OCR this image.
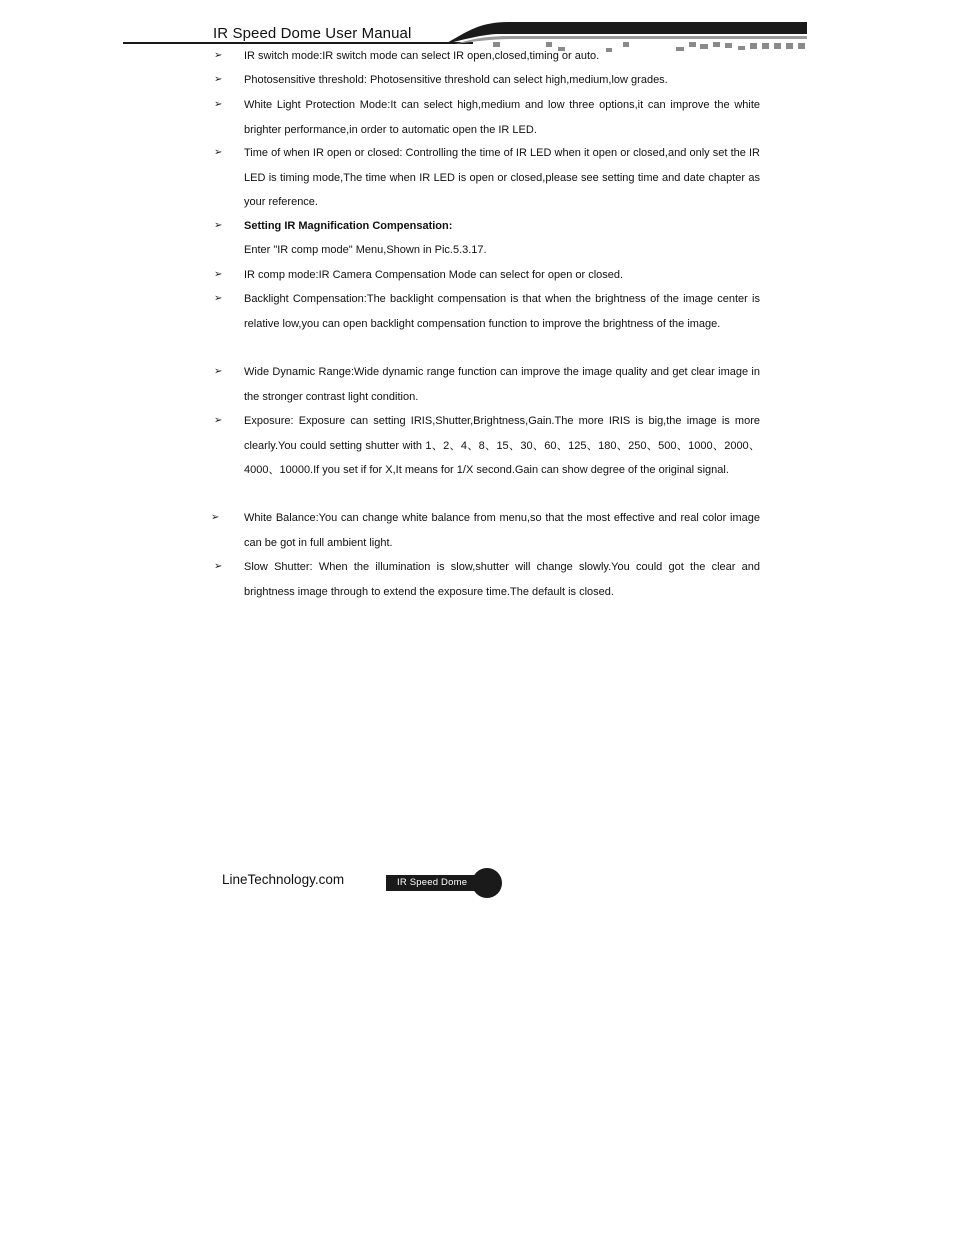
IR Speed Dome User Manual
➢ IR switch mode:IR switch mode can select IR open,closed,timing or auto.
➢ Photosensitive threshold: Photosensitive threshold can select high,medium,low grades.
➢ White Light Protection Mode:It can select high,medium and low three options,it can improve the white brighter performance,in order to automatic open the IR LED.
➢ Time of when IR open or closed: Controlling the time of IR LED when it open or closed,and only set the IR LED is timing mode,The time when IR LED is open or closed,please see setting time and date chapter as your reference.
➢ Setting IR Magnification Compensation:
Enter "IR comp mode" Menu,Shown in Pic.5.3.17.
➢ IR comp mode:IR Camera Compensation Mode can select for open or closed.
➢ Backlight Compensation:The backlight compensation is that when the brightness of the image center is relative low,you can open backlight compensation function to improve the brightness of the image.
➢ Wide Dynamic Range:Wide dynamic range function can improve the image quality and get clear image in the stronger contrast light condition.
➢ Exposure: Exposure can setting IRIS,Shutter,Brightness,Gain.The more IRIS is big,the image is more clearly.You could setting shutter with 1、2、4、8、15、30、60、125、180、250、500、1000、2000、4000、10000.If you set if for X,It means for 1/X second.Gain can show degree of the original signal.
➢ White Balance:You can change white balance from menu,so that the most effective and real color image can be got in full ambient light.
➢ Slow Shutter: When the illumination is slow,shutter will change slowly.You could got the clear and brightness image through to extend the exposure time.The default is closed.
LineTechnology.com	IR Speed Dome
